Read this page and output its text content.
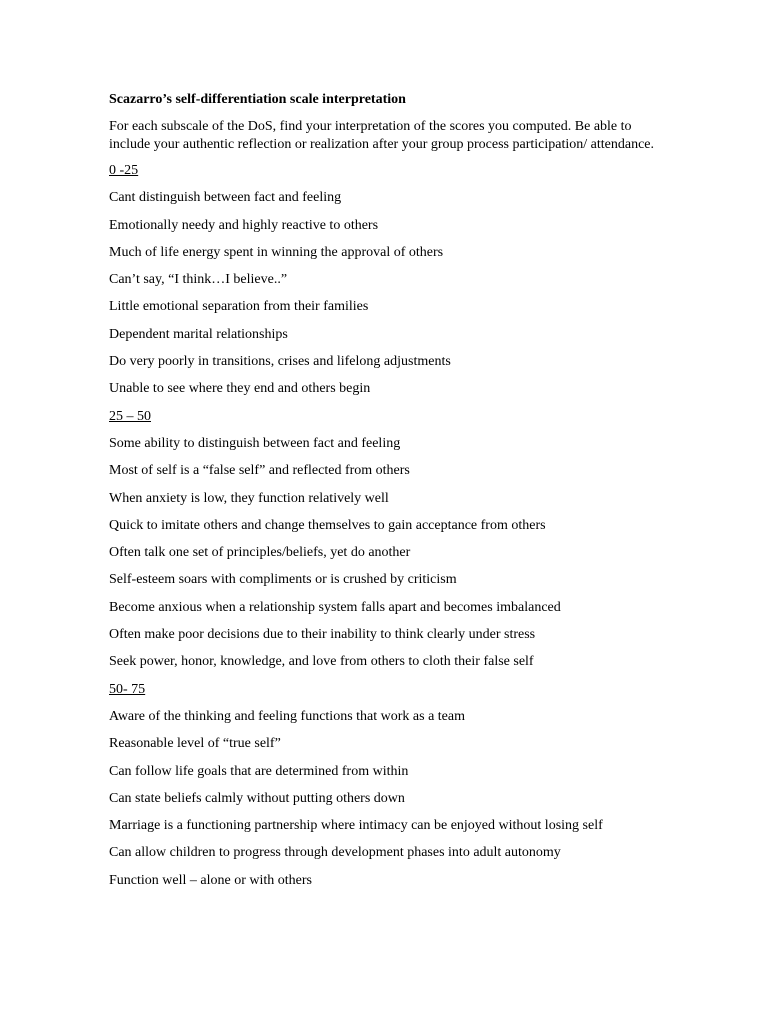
Scazarro’s self-differentiation scale interpretation
For each subscale of the DoS, find your interpretation of the scores you computed. Be able to include your authentic reflection or realization after your group process participation/ attendance.
0 -25
Cant distinguish between fact and feeling
Emotionally needy and highly reactive to others
Much of life energy spent in winning the approval of others
Can’t say, “I think…I believe..”
Little emotional separation from their families
Dependent marital relationships
Do very poorly in transitions, crises and lifelong adjustments
Unable to see where they end and others begin
25 – 50
Some ability to distinguish between fact and feeling
Most of self is a “false self” and reflected from others
When anxiety is low, they function relatively well
Quick to imitate others and change themselves to gain acceptance from others
Often talk one set of principles/beliefs, yet do another
Self-esteem soars with compliments or is crushed by criticism
Become anxious when a relationship system falls apart and becomes imbalanced
Often make poor decisions due to their inability to think clearly under stress
Seek power, honor, knowledge, and love from others to cloth their false self
50- 75
Aware of the thinking and feeling functions that work as a team
Reasonable level of “true self”
Can follow life goals that are determined from within
Can state beliefs calmly without putting others down
Marriage is a functioning partnership where intimacy can be enjoyed without losing self
Can allow children to progress through development phases into adult autonomy
Function well – alone or with others
